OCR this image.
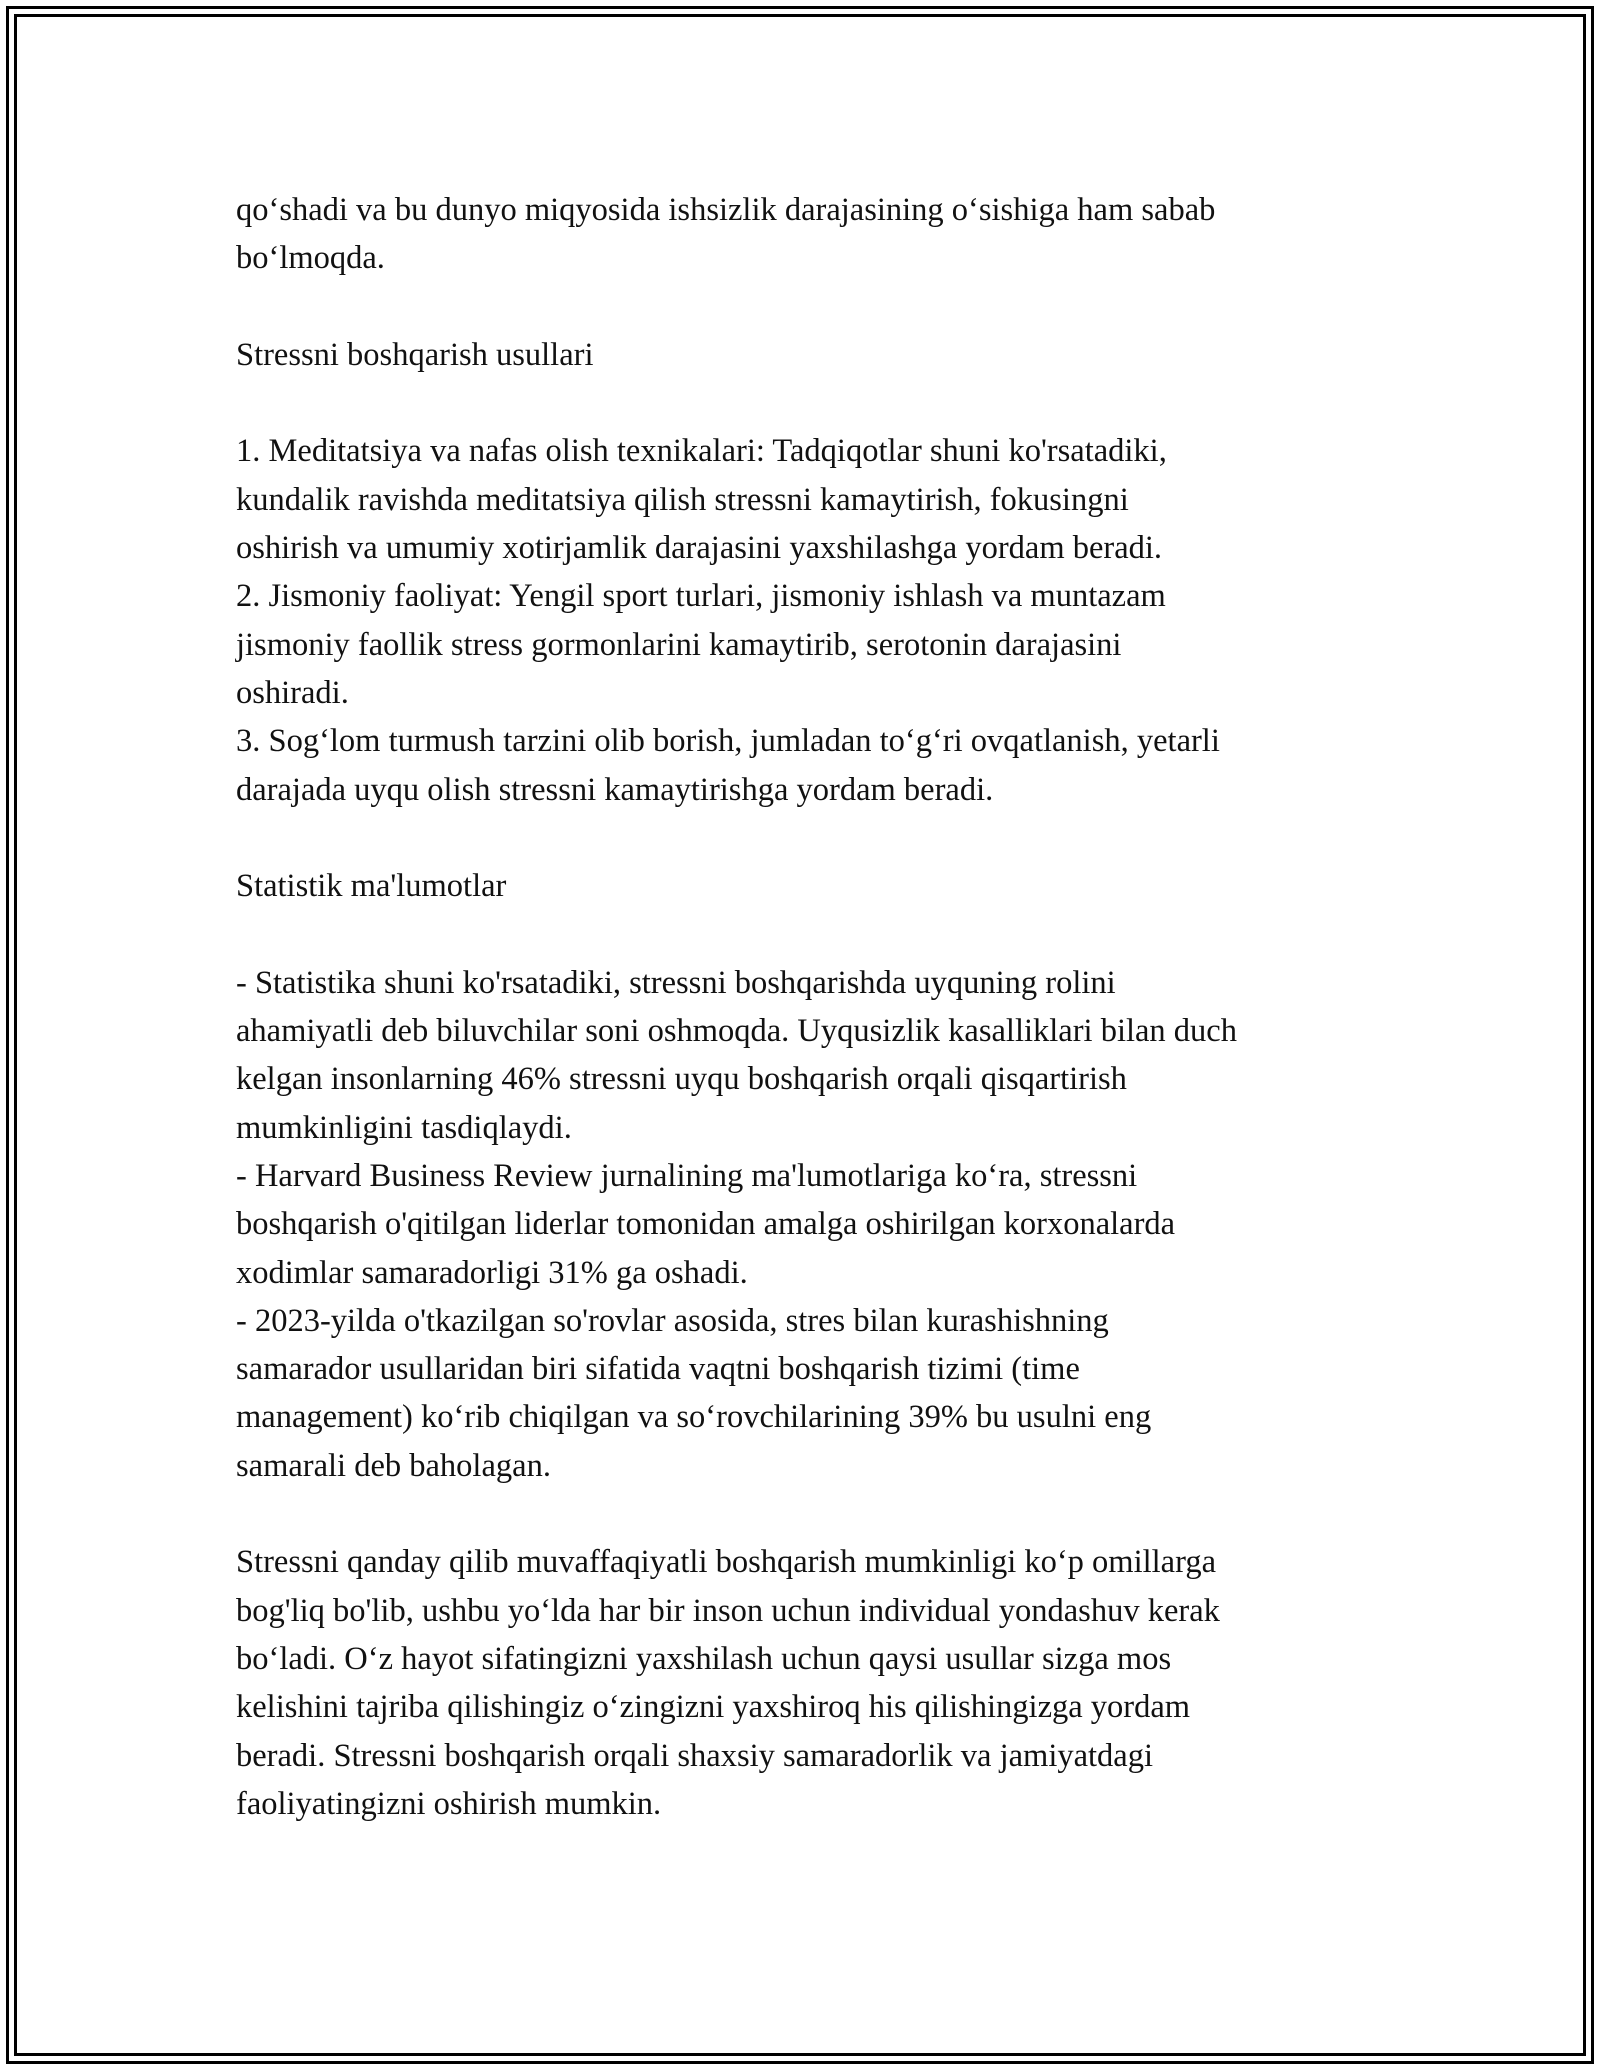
qo‘shadi va bu dunyo miqyosida ishsizlik darajasining o‘sishiga ham sabab
bo‘lmoqda.

Stressni boshqarish usullari

1. Meditatsiya va nafas olish texnikalari: Tadqiqotlar shuni ko'rsatadiki,
kundalik ravishda meditatsiya qilish stressni kamaytirish, fokusingni
oshirish va umumiy xotirjamlik darajasini yaxshilashga yordam beradi.

2. Jismoniy faoliyat: Yengil sport turlari, jismoniy ishlash va muntazam
jismoniy faollik stress gormonlarini kamaytirib, serotonin darajasini
oshiradi.

3. Sog‘lom turmush tarzini olib borish, jumladan to‘g‘ri ovqatlanish, yetarli
darajada uyqu olish stressni kamaytirishga yordam beradi.

Statistik ma'lumotlar

- Statistika shuni ko'rsatadiki, stressni boshqarishda uyquning rolini
ahamiyatli deb biluvchilar soni oshmoqda. Uyqusizlik kasalliklari bilan duch
kelgan insonlarning 46% stressni uyqu boshqarish orqali qisqartirish
mumkinligini tasdiqlaydi.

- Harvard Business Review jurnalining ma'lumotlariga ko‘ra, stressni
boshqarish o'qitilgan liderlar tomonidan amalga oshirilgan korxonalarda
xodimlar samaradorligi 31% ga oshadi.

- 2023-yilda o'tkazilgan so'rovlar asosida, stres bilan kurashishning
samarador usullaridan biri sifatida vaqtni boshqarish tizimi (time
management) ko‘rib chiqilgan va so‘rovchilarining 39% bu usulni eng
samarali deb baholagan.

Stressni qanday qilib muvaffaqiyatli boshqarish mumkinligi ko‘p omillarga
bog'liq bo'lib, ushbu yo‘lda har bir inson uchun individual yondashuv kerak
bo‘ladi. O‘z hayot sifatingizni yaxshilash uchun qaysi usullar sizga mos
kelishini tajriba qilishingiz o‘zingizni yaxshiroq his qilishingizga yordam
beradi. Stressni boshqarish orqali shaxsiy samaradorlik va jamiyatdagi
faoliyatingizni oshirish mumkin.
